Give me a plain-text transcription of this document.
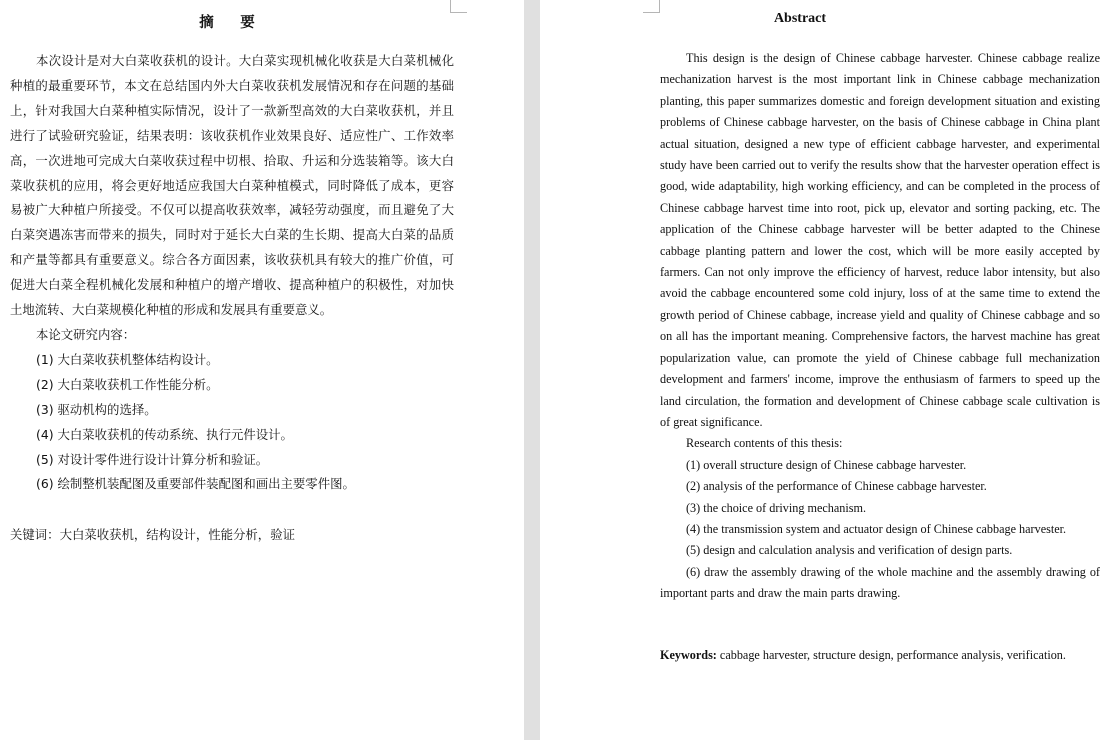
摘　要
本次设计是对大白菜收获机的设计。大白菜实现机械化收获是大白菜机械化种植的最重要环节，本文在总结国内外大白菜收获机发展情况和存在问题的基础上，针对我国大白菜种植实际情况，设计了一款新型高效的大白菜收获机，并且进行了试验研究验证，结果表明：该收获机作业效果良好、适应性广、工作效率高，一次进地可完成大白菜收获过程中切根、拾取、升运和分选装箱等。该大白菜收获机的应用，将会更好地适应我国大白菜种植模式，同时降低了成本，更容易被广大种植户所接受。不仅可以提高收获效率，减轻劳动强度，而且避免了大白菜突遇冻害而带来的损失，同时对于延长大白菜的生长期、提高大白菜的品质和产量等都具有重要意义。综合各方面因素，该收获机具有较大的推广价值，可促进大白菜全程机械化发展和种植户的增产增收、提高种植户的积极性，对加快土地流转、大白菜规模化种植的形成和发展具有重要意义。
本论文研究内容：
(1) 大白菜收获机整体结构设计。
(2) 大白菜收获机工作性能分析。
(3) 驱动机构的选择。
(4) 大白菜收获机的传动系统、执行元件设计。
(5) 对设计零件进行设计计算分析和验证。
(6) 绘制整机装配图及重要部件装配图和画出主要零件图。
关键词：大白菜收获机，结构设计，性能分析，验证
Abstract
This design is the design of Chinese cabbage harvester. Chinese cabbage realize mechanization harvest is the most important link in Chinese cabbage mechanization planting, this paper summarizes domestic and foreign development situation and existing problems of Chinese cabbage harvester, on the basis of Chinese cabbage in China plant actual situation, designed a new type of efficient cabbage harvester, and experimental study have been carried out to verify the results show that the harvester operation effect is good, wide adaptability, high working efficiency, and can be completed in the process of Chinese cabbage harvest time into root, pick up, elevator and sorting packing, etc. The application of the Chinese cabbage harvester will be better adapted to the Chinese cabbage planting pattern and lower the cost, which will be more easily accepted by farmers. Can not only improve the efficiency of harvest, reduce labor intensity, but also avoid the cabbage encountered some cold injury, loss of at the same time to extend the growth period of Chinese cabbage, increase yield and quality of Chinese cabbage and so on all has the important meaning. Comprehensive factors, the harvest machine has great popularization value, can promote the yield of Chinese cabbage full mechanization development and farmers' income, improve the enthusiasm of farmers to speed up the land circulation, the formation and development of Chinese cabbage scale cultivation is of great significance.
Research contents of this thesis:
(1) overall structure design of Chinese cabbage harvester.
(2) analysis of the performance of Chinese cabbage harvester.
(3) the choice of driving mechanism.
(4) the transmission system and actuator design of Chinese cabbage harvester.
(5) design and calculation analysis and verification of design parts.
(6) draw the assembly drawing of the whole machine and the assembly drawing of important parts and draw the main parts drawing.
Keywords: cabbage harvester, structure design, performance analysis, verification.
